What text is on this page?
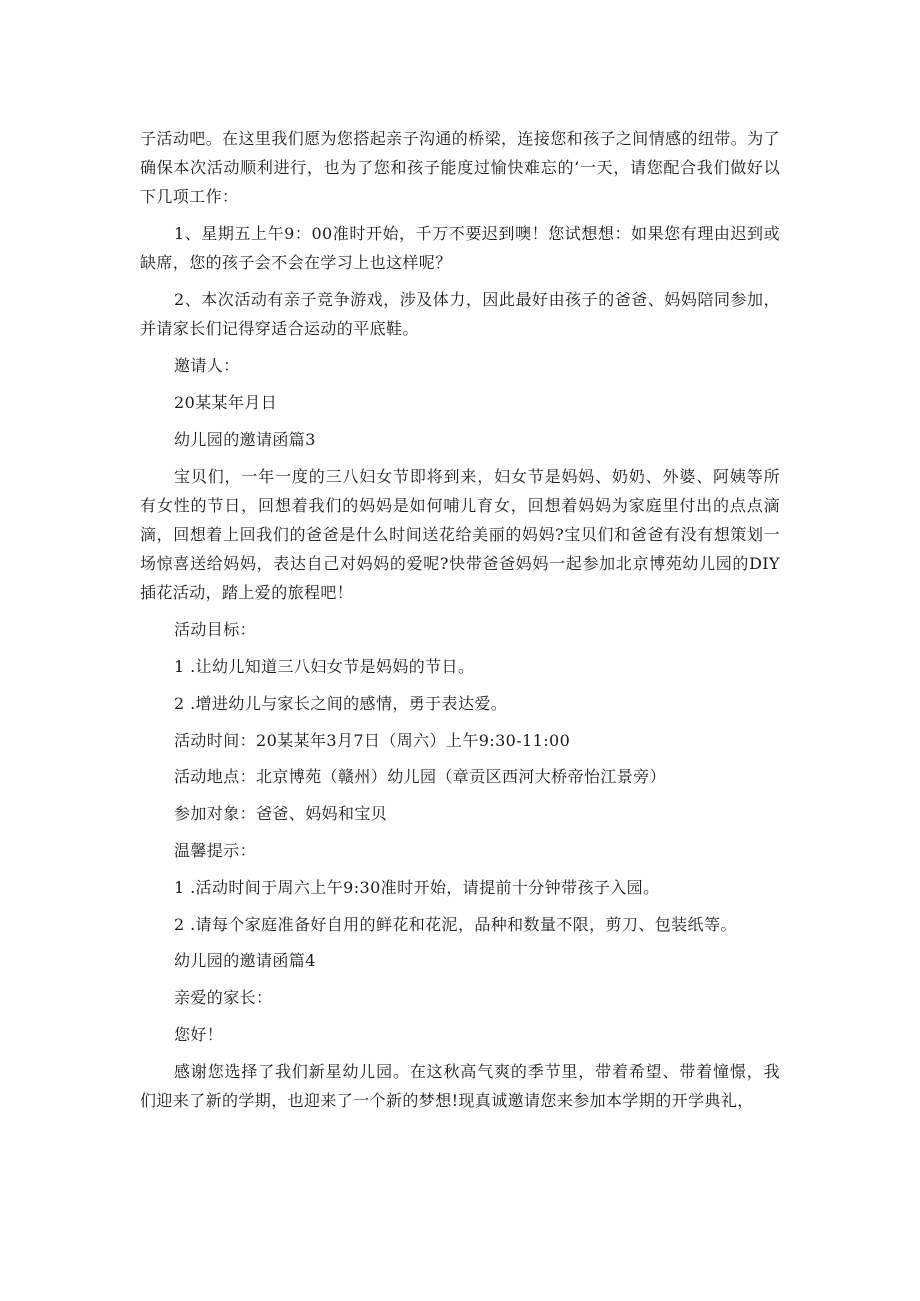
子活动吧。在这里我们愿为您搭起亲子沟通的桥梁，连接您和孩子之间情感的纽带。为了确保本次活动顺利进行，也为了您和孩子能度过愉快难忘的‘一天，请您配合我们做好以下几项工作：

1、星期五上午9：00准时开始，千万不要迟到噢！您试想想：如果您有理由迟到或缺席，您的孩子会不会在学习上也这样呢？

2、本次活动有亲子竞争游戏，涉及体力，因此最好由孩子的爸爸、妈妈陪同参加，并请家长们记得穿适合运动的平底鞋。

邀请人：

20某某年月日

幼儿园的邀请函篇3

宝贝们，一年一度的三八妇女节即将到来，妇女节是妈妈、奶奶、外婆、阿姨等所有女性的节日，回想着我们的妈妈是如何哺儿育女，回想着妈妈为家庭里付出的点点滴滴，回想着上回我们的爸爸是什么时间送花给美丽的妈妈?宝贝们和爸爸有没有想策划一场惊喜送给妈妈，表达自己对妈妈的爱呢?快带爸爸妈妈一起参加北京博苑幼儿园的DIY插花活动，踏上爱的旅程吧！

活动目标：

1 .让幼儿知道三八妇女节是妈妈的节日。

2 .增进幼儿与家长之间的感情，勇于表达爱。

活动时间：20某某年3月7日（周六）上午9:30-11:00

活动地点：北京博苑（赣州）幼儿园（章贡区西河大桥帝怡江景旁）

参加对象：爸爸、妈妈和宝贝

温馨提示：

1 .活动时间于周六上午9:30准时开始，请提前十分钟带孩子入园。

2 .请每个家庭准备好自用的鲜花和花泥，品种和数量不限，剪刀、包装纸等。

幼儿园的邀请函篇4

亲爱的家长：

您好！

感谢您选择了我们新星幼儿园。在这秋高气爽的季节里，带着希望、带着憧憬，我们迎来了新的学期，也迎来了一个新的梦想!现真诚邀请您来参加本学期的开学典礼，
